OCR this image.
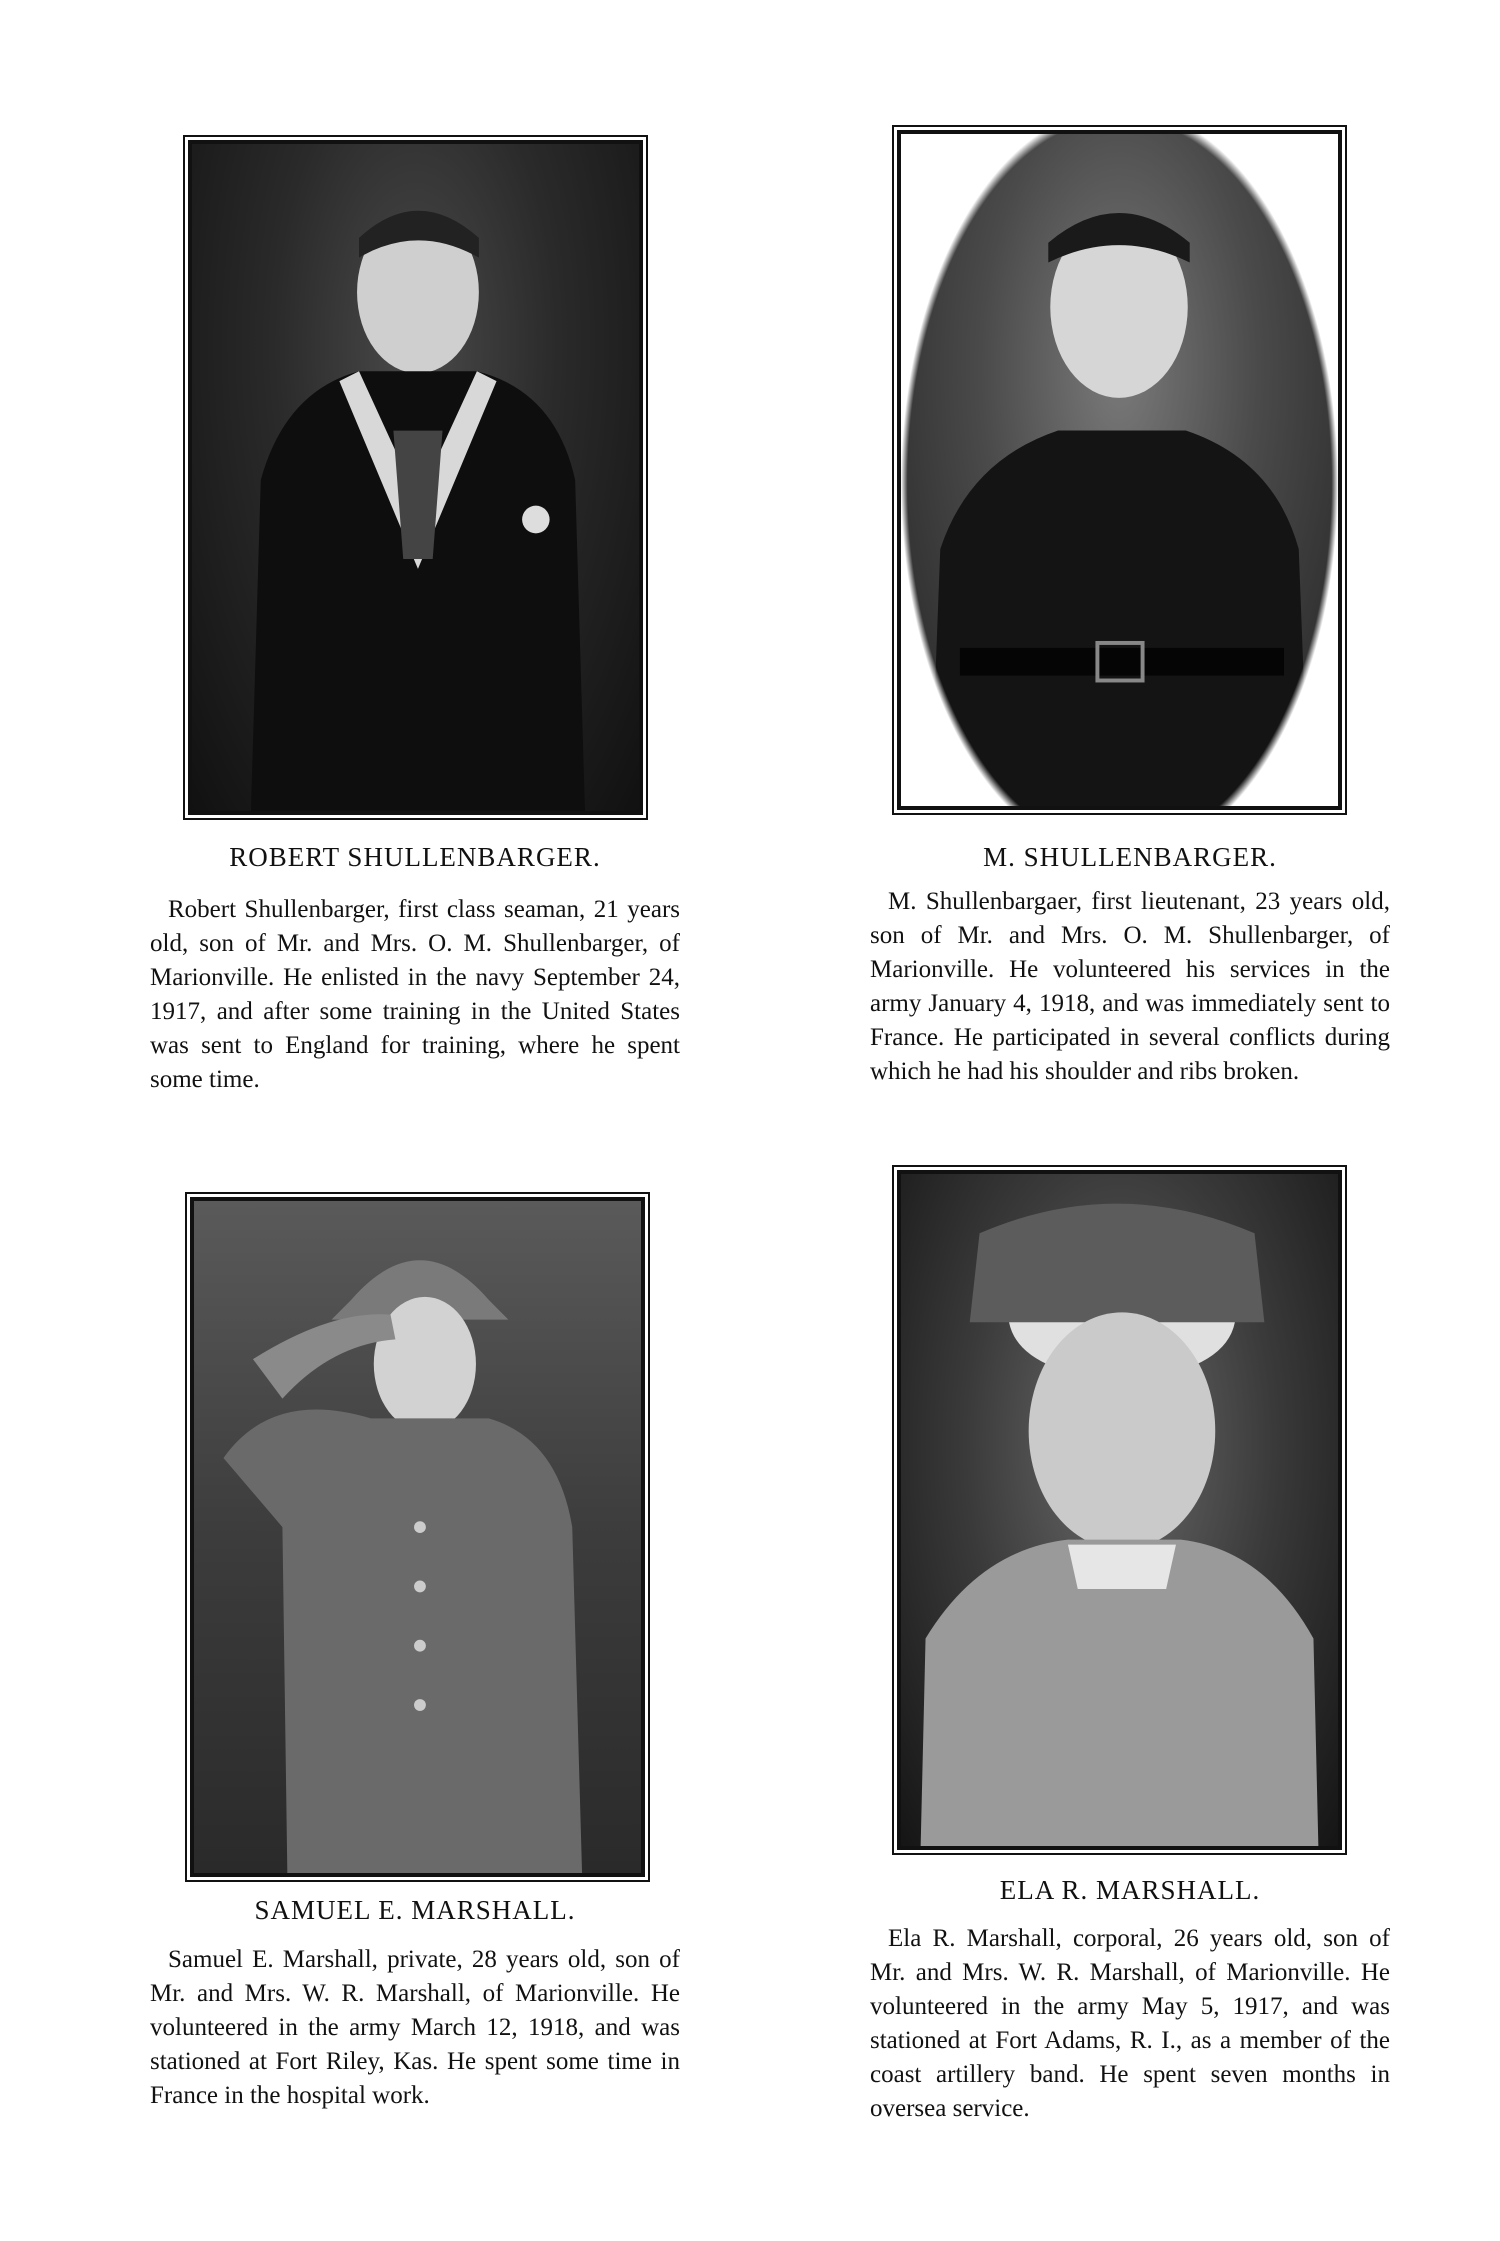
ROBERT SHULLENBARGER.

Robert Shullenbarger, first class seaman, 21 years old, son of Mr. and Mrs. O. M. Shullenbarger, of Marionville. He enlisted in the navy September 24, 1917, and after some training in the United States was sent to England for training, where he spent some time.

M. SHULLENBARGER.

M. Shullenbargaer, first lieutenant, 23 years old, son of Mr. and Mrs. O. M. Shullenbarger, of Marionville. He volunteered his services in the army January 4, 1918, and was immediately sent to France. He participated in several conflicts during which he had his shoulder and ribs broken.

SAMUEL E. MARSHALL.

Samuel E. Marshall, private, 28 years old, son of Mr. and Mrs. W. R. Marshall, of Marionville. He volunteered in the army March 12, 1918, and was stationed at Fort Riley, Kas. He spent some time in France in the hospital work.

ELA R. MARSHALL.

Ela R. Marshall, corporal, 26 years old, son of Mr. and Mrs. W. R. Marshall, of Marionville. He volunteered in the army May 5, 1917, and was stationed at Fort Adams, R. I., as a member of the coast artillery band. He spent seven months in oversea service.
